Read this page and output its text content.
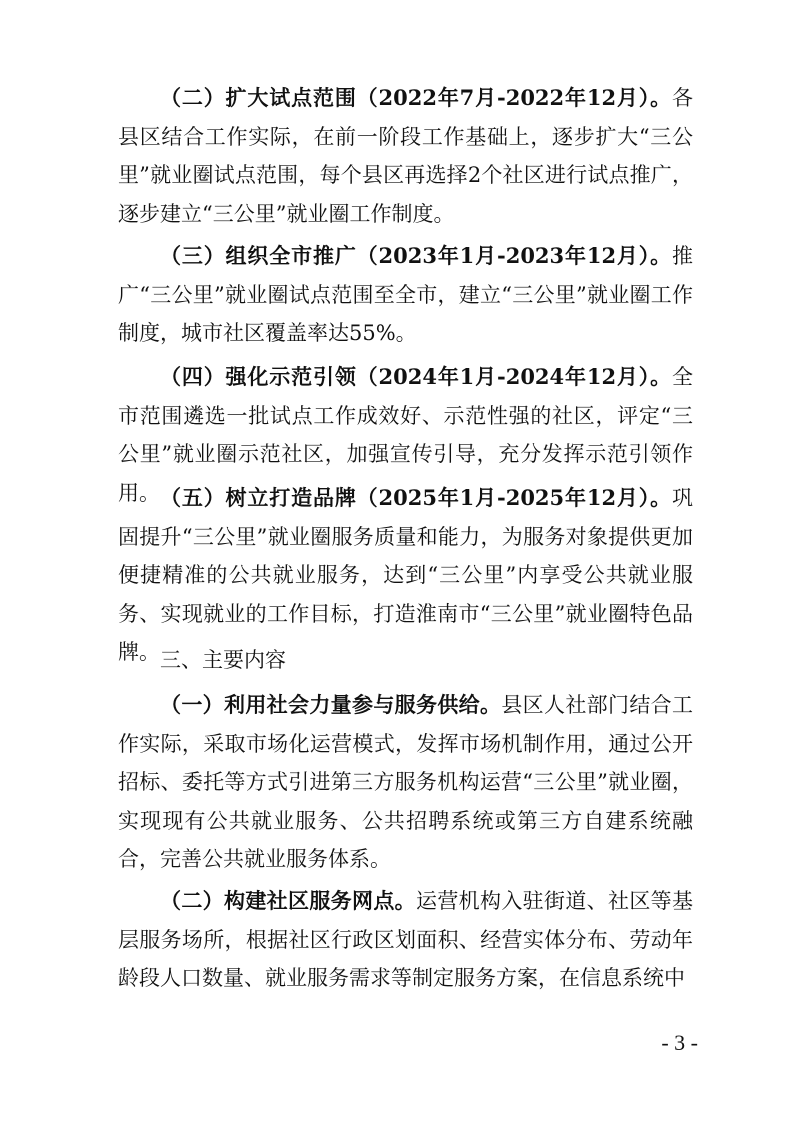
（二）扩大试点范围（2022年7月-2022年12月）。各县区结合工作实际，在前一阶段工作基础上，逐步扩大“三公里”就业圈试点范围，每个县区再选择2个社区进行试点推广，逐步建立“三公里”就业圈工作制度。

（三）组织全市推广（2023年1月-2023年12月）。推广“三公里”就业圈试点范围至全市，建立“三公里”就业圈工作制度，城市社区覆盖率达55%。

（四）强化示范引领（2024年1月-2024年12月）。全市范围遴选一批试点工作成效好、示范性强的社区，评定“三公里”就业圈示范社区，加强宣传引导，充分发挥示范引领作用。 （五）树立打造品牌（2025年1月-2025年12月）。巩固提升“三公里”就业圈服务质量和能力，为服务对象提供更加便捷精准的公共就业服务，达到“三公里”内享受公共就业服务、实现就业的工作目标，打造淮南市“三公里”就业圈特色品牌。 三、主要内容

（一）利用社会力量参与服务供给。县区人社部门结合工作实际，采取市场化运营模式，发挥市场机制作用，通过公开招标、委托等方式引进第三方服务机构运营“三公里”就业圈，实现现有公共就业服务、公共招聘系统或第三方自建系统融合，完善公共就业服务体系。

（二）构建社区服务网点。运营机构入驻街道、社区等基层服务场所，根据社区行政区划面积、经营实体分布、劳动年龄段人口数量、就业服务需求等制定服务方案，在信息系统中

- 3 -
